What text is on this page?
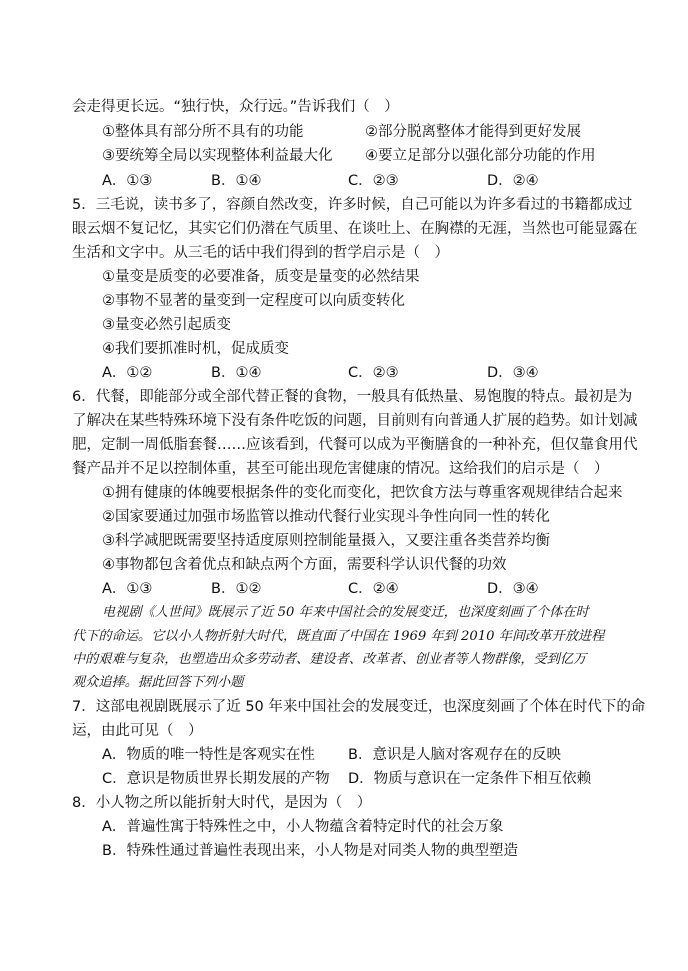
会走得更长远。“独行快，众行远。”告诉我们（　）
①整体具有部分所不具有的功能	②部分脱离整体才能得到更好发展
③要统筹全局以实现整体利益最大化 ④要立足部分以强化部分功能的作用
A．①③	B．①④	C．②③	D．②④
5．三毛说，读书多了，容颜自然改变，许多时候，自己可能以为许多看过的书籍都成过
眼云烟不复记忆，其实它们仍潜在气质里、在谈吐上、在胸襟的无涯，当然也可能显露在
生活和文字中。从三毛的话中我们得到的哲学启示是（　）
①量变是质变的必要准备，质变是量变的必然结果
②事物不显著的量变到一定程度可以向质变转化
③量变必然引起质变
④我们要抓准时机，促成质变
A．①②	B．①④	C．②③	D．③④
6．代餐，即能部分或全部代替正餐的食物，一般具有低热量、易饱腹的特点。最初是为
了解决在某些特殊环境下没有条件吃饭的问题，目前则有向普通人扩展的趋势。如计划减
肥，定制一周低脂套餐……应该看到，代餐可以成为平衡膳食的一种补充，但仅靠食用代
餐产品并不足以控制体重，甚至可能出现危害健康的情况。这给我们的启示是（　）
①拥有健康的体魄要根据条件的变化而变化，把饮食方法与尊重客观规律结合起来
②国家要通过加强市场监管以推动代餐行业实现斗争性向同一性的转化
③科学减肥既需要坚持适度原则控制能量摄入，又要注重各类营养均衡
④事物都包含着优点和缺点两个方面，需要科学认识代餐的功效
A．①③	B．①②	C．②④	D．③④
电视剧《人世间》既展示了近 50 年来中国社会的发展变迁，也深度刻画了个体在时
代下的命运。它以小人物折射大时代，既直面了中国在 1969 年到 2010 年间改革开放进程
中的艰难与复杂，也塑造出众多劳动者、建设者、改革者、创业者等人物群像，受到亿万
观众追捧。据此回答下列小题
7．这部电视剧既展示了近 50 年来中国社会的发展变迁，也深度刻画了个体在时代下的命
运，由此可见（　）
A．物质的唯一特性是客观实在性 B．意识是人脑对客观存在的反映
C．意识是物质世界长期发展的产物 D．物质与意识在一定条件下相互依赖
8．小人物之所以能折射大时代，是因为（　）
A．普遍性寓于特殊性之中，小人物蕴含着特定时代的社会万象
B．特殊性通过普遍性表现出来，小人物是对同类人物的典型塑造
